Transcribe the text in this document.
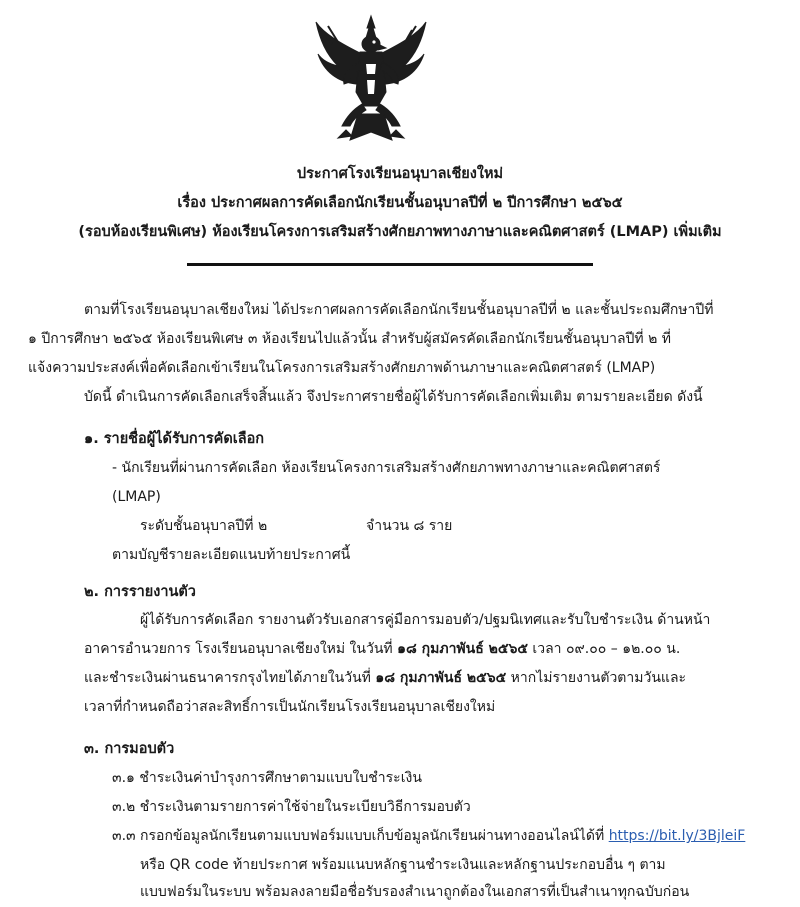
ประกาศโรงเรียนอนุบาลเชียงใหม่
เรื่อง ประกาศผลการคัดเลือกนักเรียนชั้นอนุบาลปีที่ ๒ ปีการศึกษา ๒๕๖๕
(รอบห้องเรียนพิเศษ) ห้องเรียนโครงการเสริมสร้างศักยภาพทางภาษาและคณิตศาสตร์ (LMAP) เพิ่มเติม
ตามที่โรงเรียนอนุบาลเชียงใหม่ ได้ประกาศผลการคัดเลือกนักเรียนชั้นอนุบาลปีที่ ๒ และชั้นประถมศึกษาปีที่
๑ ปีการศึกษา ๒๕๖๕ ห้องเรียนพิเศษ ๓ ห้องเรียนไปแล้วนั้น สำหรับผู้สมัครคัดเลือกนักเรียนชั้นอนุบาลปีที่ ๒ ที่
แจ้งความประสงค์เพื่อคัดเลือกเข้าเรียนในโครงการเสริมสร้างศักยภาพด้านภาษาและคณิตศาสตร์ (LMAP)
บัดนี้ ดำเนินการคัดเลือกเสร็จสิ้นแล้ว จึงประกาศรายชื่อผู้ได้รับการคัดเลือกเพิ่มเติม ตามรายละเอียด ดังนี้
๑. รายชื่อผู้ได้รับการคัดเลือก
- นักเรียนที่ผ่านการคัดเลือก ห้องเรียนโครงการเสริมสร้างศักยภาพทางภาษาและคณิตศาสตร์
(LMAP)
ระดับชั้นอนุบาลปีที่ ๒	จำนวน ๘ ราย
ตามบัญชีรายละเอียดแนบท้ายประกาศนี้
๒. การรายงานตัว
ผู้ได้รับการคัดเลือก รายงานตัวรับเอกสารคู่มือการมอบตัว/ปฐมนิเทศและรับใบชำระเงิน ด้านหน้า
อาคารอำนวยการ โรงเรียนอนุบาลเชียงใหม่ ในวันที่ ๑๘ กุมภาพันธ์ ๒๕๖๕ เวลา ๐๙.๐๐ – ๑๒.๐๐ น.
และชำระเงินผ่านธนาคารกรุงไทยได้ภายในวันที่ ๑๘ กุมภาพันธ์ ๒๕๖๕ หากไม่รายงานตัวตามวันและ
เวลาที่กำหนดถือว่าสละสิทธิ์การเป็นนักเรียนโรงเรียนอนุบาลเชียงใหม่
๓. การมอบตัว
๓.๑ ชำระเงินค่าบำรุงการศึกษาตามแบบใบชำระเงิน
๓.๒ ชำระเงินตามรายการค่าใช้จ่ายในระเบียบวิธีการมอบตัว
๓.๓ กรอกข้อมูลนักเรียนตามแบบฟอร์มแบบเก็บข้อมูลนักเรียนผ่านทางออนไลน์ได้ที่ https://bit.ly/3BjleiF
หรือ QR code ท้ายประกาศ พร้อมแนบหลักฐานชำระเงินและหลักฐานประกอบอื่น ๆ ตาม
แบบฟอร์มในระบบ พร้อมลงลายมือชื่อรับรองสำเนาถูกต้องในเอกสารที่เป็นสำเนาทุกฉบับก่อน
